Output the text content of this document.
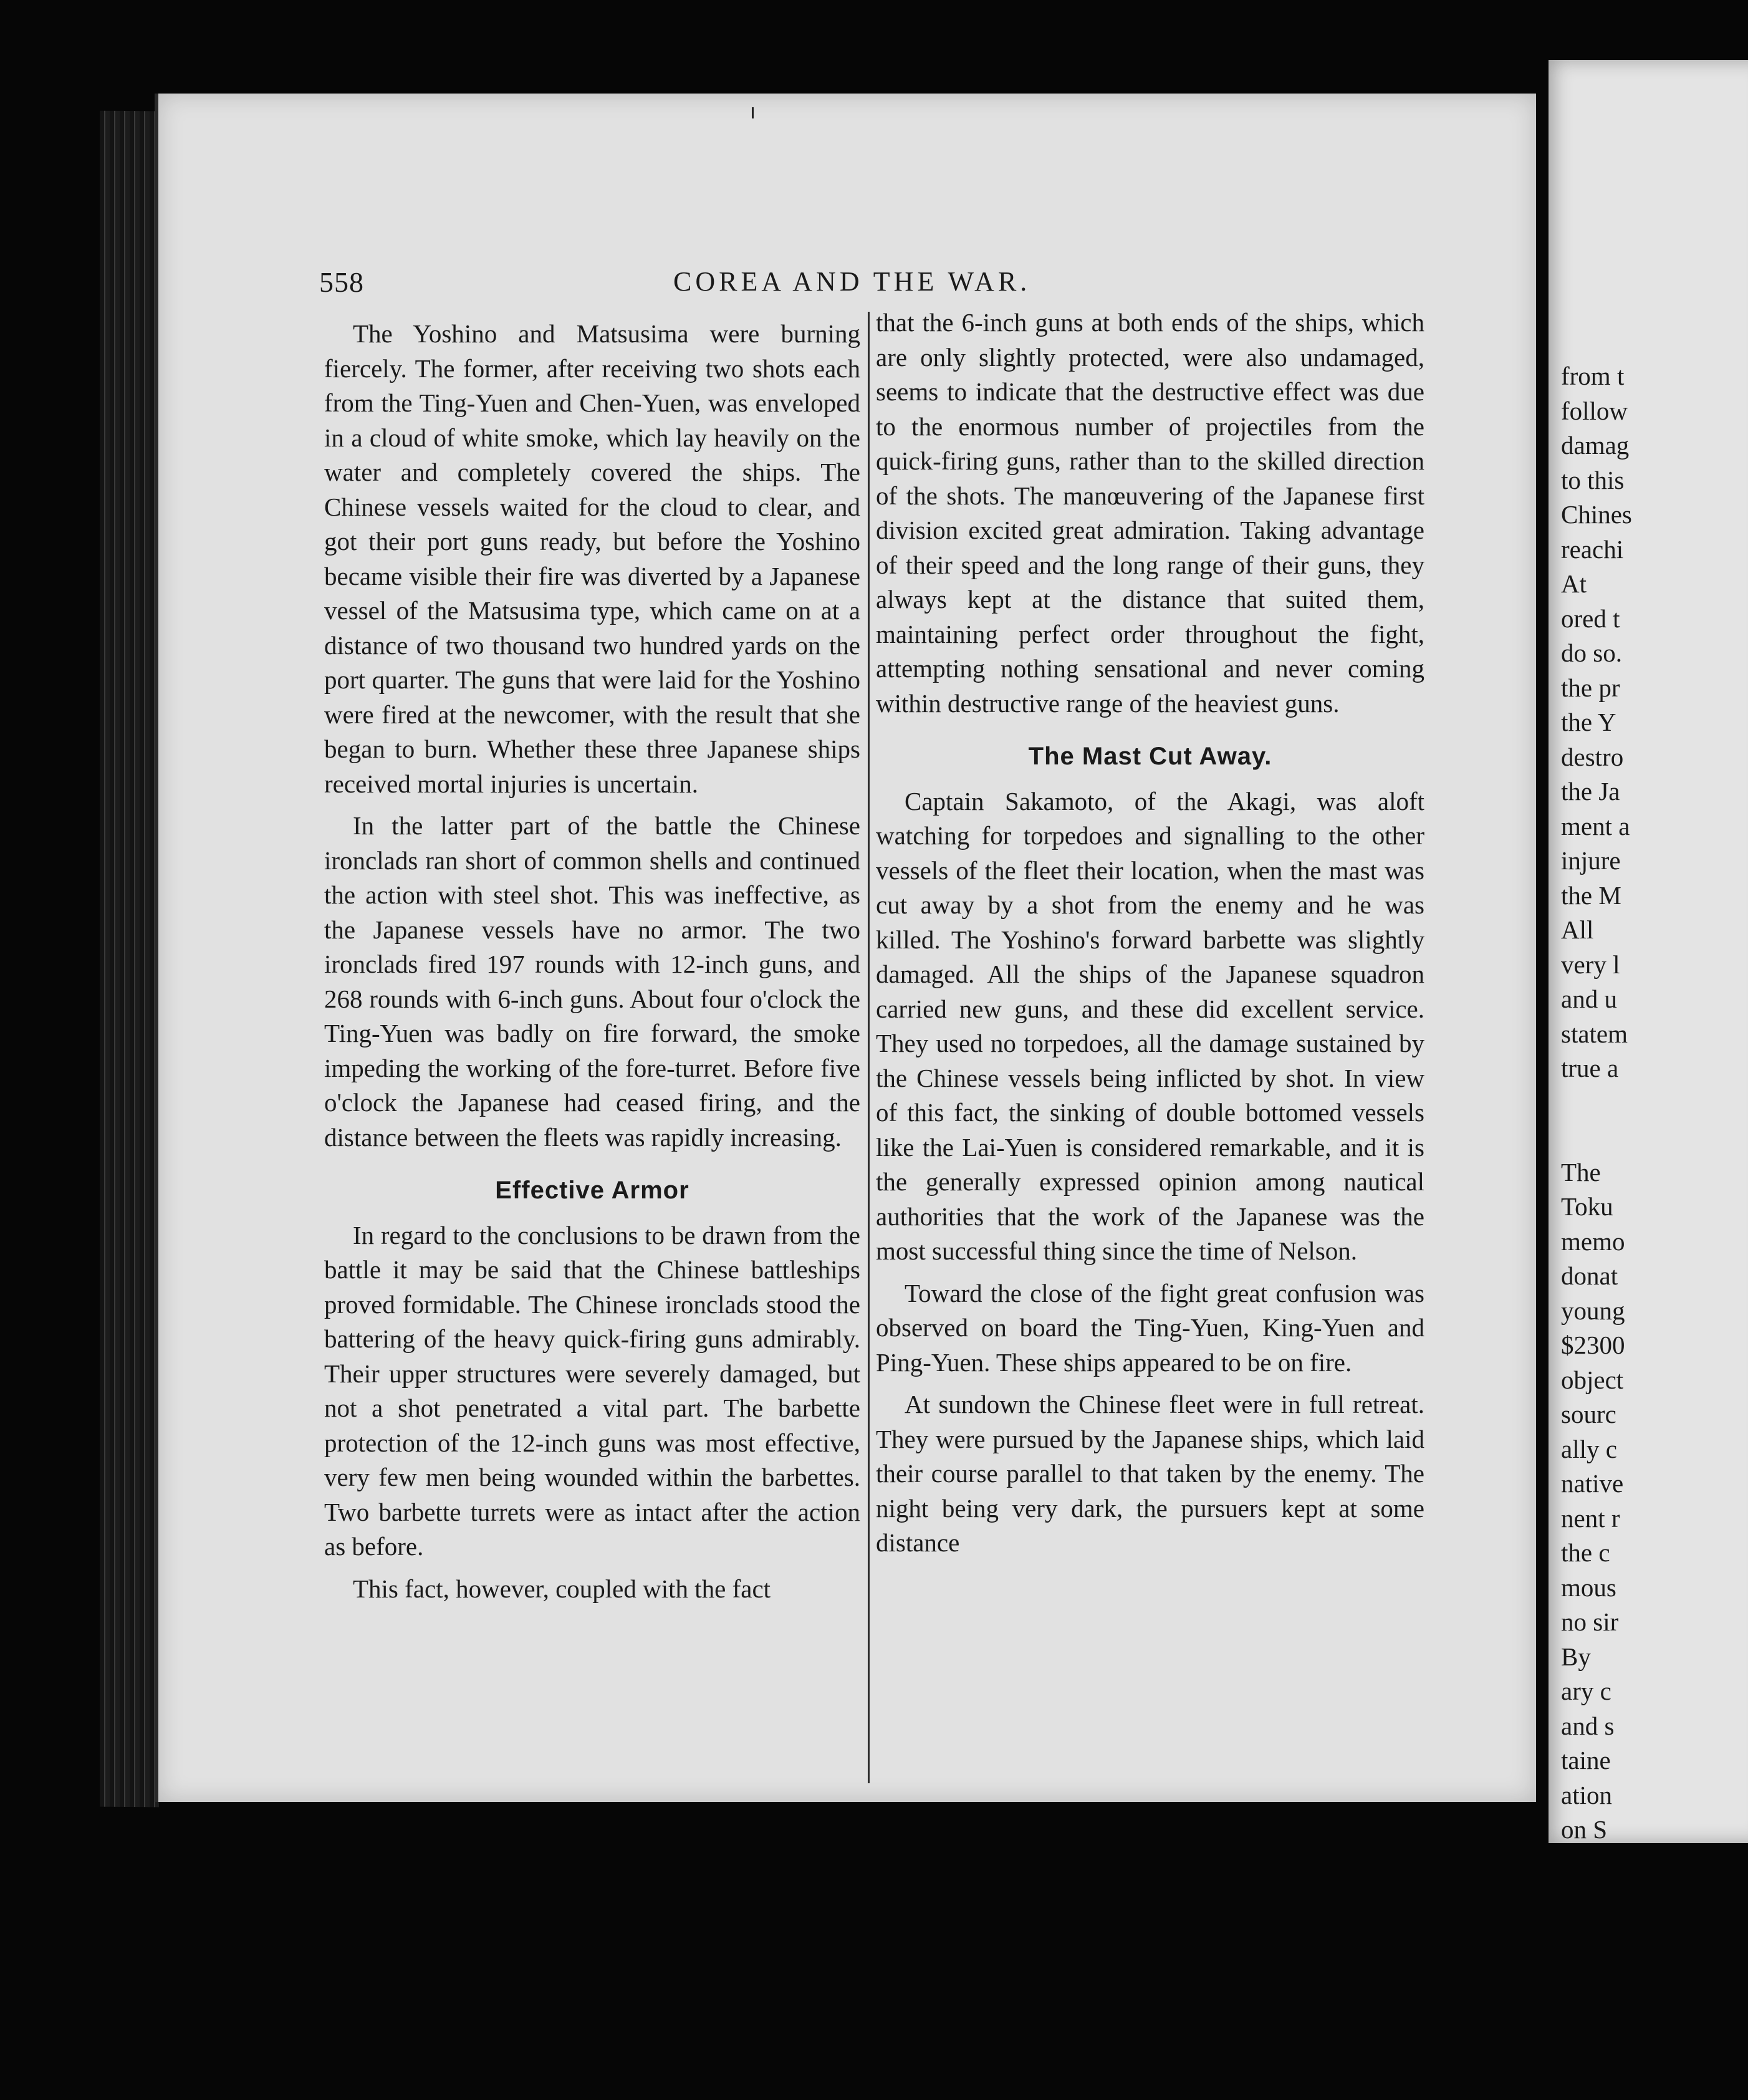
558	COREA AND THE WAR.

The Yoshino and Matsusima were burning fiercely. The former, after receiving two shots each from the Ting-Yuen and Chen-Yuen, was enveloped in a cloud of white smoke, which lay heavily on the water and completely covered the ships. The Chinese vessels waited for the cloud to clear, and got their port guns ready, but before the Yoshino became visible their fire was diverted by a Japanese vessel of the Matsusima type, which came on at a distance of two thousand two hundred yards on the port quarter. The guns that were laid for the Yoshino were fired at the newcomer, with the result that she began to burn. Whether these three Japanese ships received mortal injuries is uncertain.

In the latter part of the battle the Chinese ironclads ran short of common shells and continued the action with steel shot. This was ineffective, as the Japanese vessels have no armor. The two ironclads fired 197 rounds with 12-inch guns, and 268 rounds with 6-inch guns. About four o'clock the Ting-Yuen was badly on fire forward, the smoke impeding the working of the fore-turret. Before five o'clock the Japanese had ceased firing, and the distance between the fleets was rapidly increasing.

Effective Armor

In regard to the conclusions to be drawn from the battle it may be said that the Chinese battleships proved formidable. The Chinese ironclads stood the battering of the heavy quick-firing guns admirably. Their upper structures were severely damaged, but not a shot penetrated a vital part. The barbette protection of the 12-inch guns was most effective, very few men being wounded within the barbettes. Two barbette turrets were as intact after the action as before.

This fact, however, coupled with the fact

that the 6-inch guns at both ends of the ships, which are only slightly protected, were also undamaged, seems to indicate that the destructive effect was due to the enormous number of projectiles from the quick-firing guns, rather than to the skilled direction of the shots. The manœuvering of the Japanese first division excited great admiration. Taking advantage of their speed and the long range of their guns, they always kept at the distance that suited them, maintaining perfect order throughout the fight, attempting nothing sensational and never coming within destructive range of the heaviest guns.

The Mast Cut Away.

Captain Sakamoto, of the Akagi, was aloft watching for torpedoes and signalling to the other vessels of the fleet their location, when the mast was cut away by a shot from the enemy and he was killed. The Yoshino's forward barbette was slightly damaged. All the ships of the Japanese squadron carried new guns, and these did excellent service. They used no torpedoes, all the damage sustained by the Chinese vessels being inflicted by shot. In view of this fact, the sinking of double bottomed vessels like the Lai-Yuen is considered remarkable, and it is the generally expressed opinion among nautical authorities that the work of the Japanese was the most successful thing since the time of Nelson.

Toward the close of the fight great confusion was observed on board the Ting-Yuen, King-Yuen and Ping-Yuen. These ships appeared to be on fire.

At sundown the Chinese fleet were in full retreat. They were pursued by the Japanese ships, which laid their course parallel to that taken by the enemy. The night being very dark, the pursuers kept at some distance

from t
follow
damag
to this
Chines
reachi
At
ored t
do so.
the pr
the Y
destro
the Ja
ment a
injure
the M
All
very l
and u
statem
true a
The
Toku
memo
donat
young
$2300
object
sourc
ally c
native
nent r
the c
mous
no sir
By
ary c
and s
taine
ation
on S
